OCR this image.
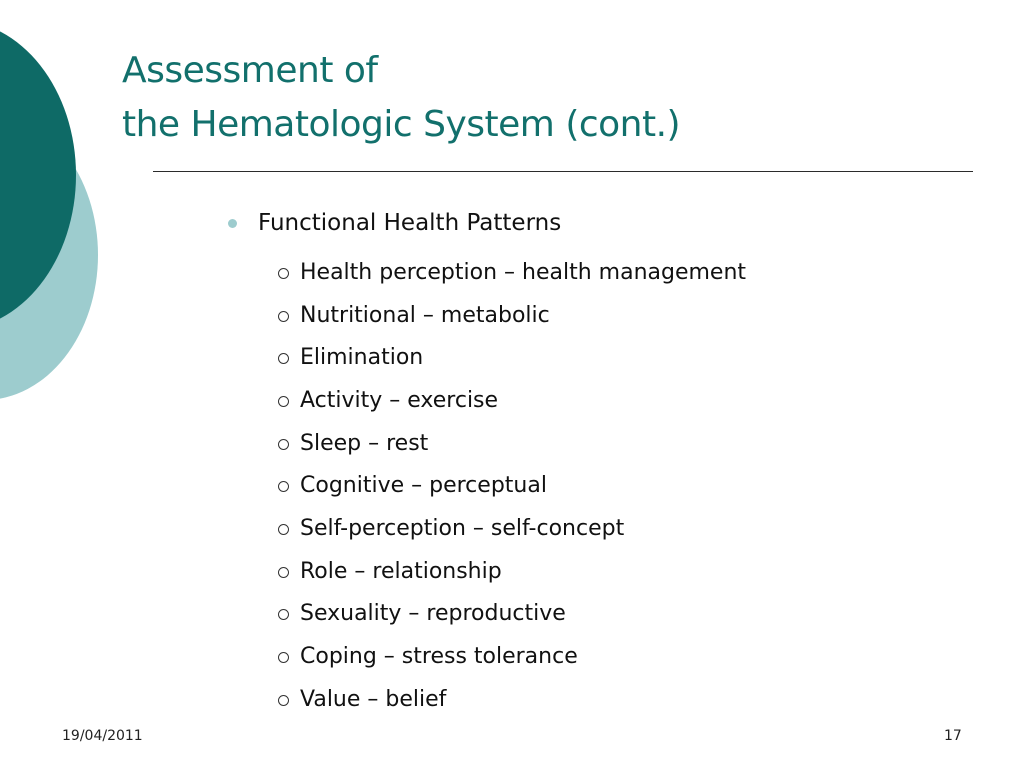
Assessment of
the Hematologic System (cont.)
Functional Health Patterns
Health perception – health management
Nutritional – metabolic
Elimination
Activity – exercise
Sleep – rest
Cognitive – perceptual
Self-perception – self-concept
Role – relationship
Sexuality – reproductive
Coping – stress tolerance
Value – belief
19/04/2011	17
